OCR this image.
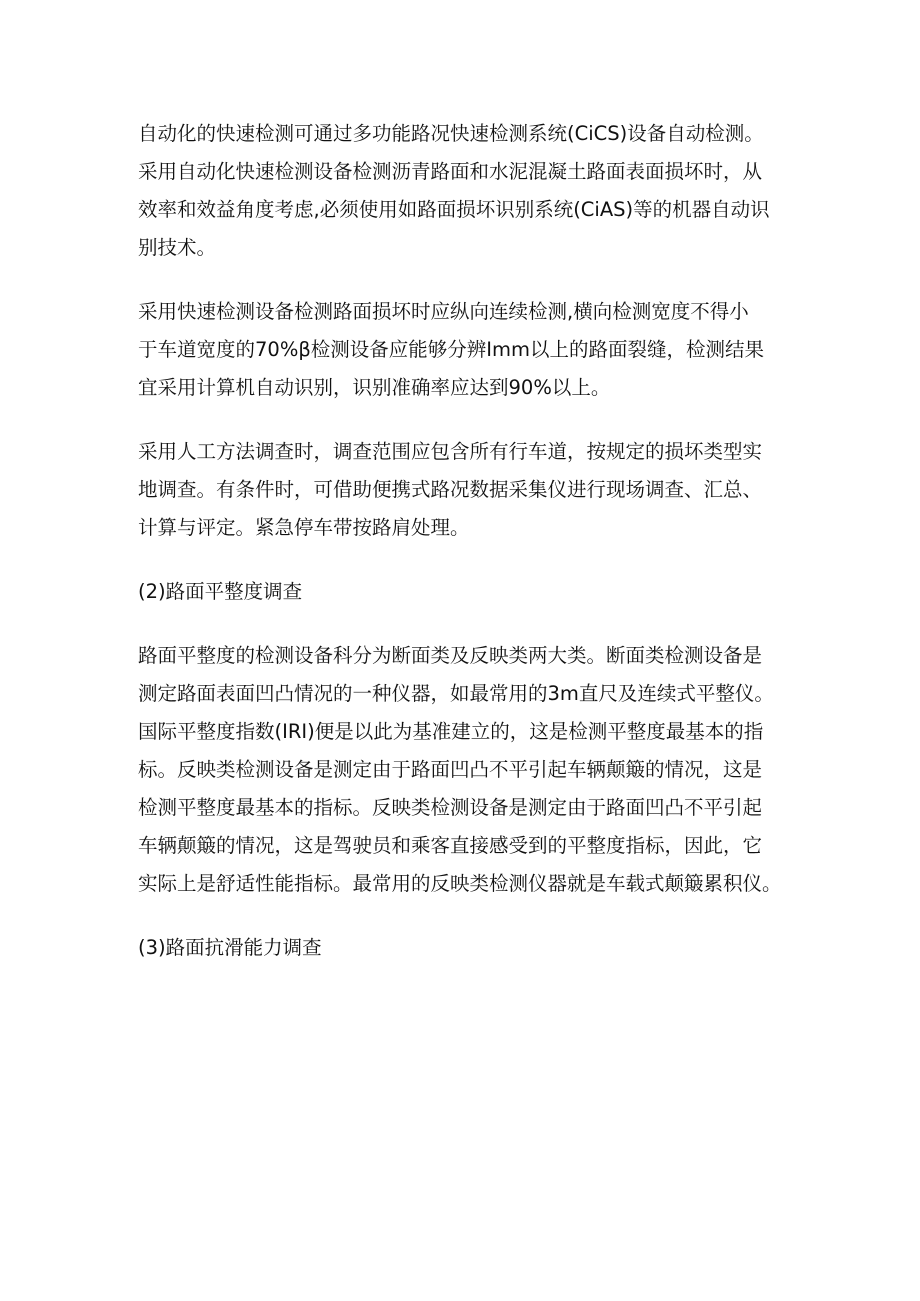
自动化的快速检测可通过多功能路况快速检测系统(CiCS)设备自动检测。
采用自动化快速检测设备检测沥青路面和水泥混凝土路面表面损坏时，从
效率和效益角度考虑,必须使用如路面损坏识别系统(CiAS)等的机器自动识
别技术。
采用快速检测设备检测路面损坏时应纵向连续检测,横向检测宽度不得小
于车道宽度的70%β检测设备应能够分辨Imm以上的路面裂缝，检测结果
宜采用计算机自动识别，识别准确率应达到90%以上。
采用人工方法调查时，调查范围应包含所有行车道，按规定的损坏类型实
地调查。有条件时，可借助便携式路况数据采集仪进行现场调查、汇总、
计算与评定。紧急停车带按路肩处理。
(2)路面平整度调查
路面平整度的检测设备科分为断面类及反映类两大类。断面类检测设备是
测定路面表面凹凸情况的一种仪器，如最常用的3m直尺及连续式平整仪。
国际平整度指数(IRI)便是以此为基准建立的，这是检测平整度最基本的指
标。反映类检测设备是测定由于路面凹凸不平引起车辆颠簸的情况，这是
检测平整度最基本的指标。反映类检测设备是测定由于路面凹凸不平引起
车辆颠簸的情况，这是驾驶员和乘客直接感受到的平整度指标，因此，它
实际上是舒适性能指标。最常用的反映类检测仪器就是车载式颠簸累积仪。
(3)路面抗滑能力调查
